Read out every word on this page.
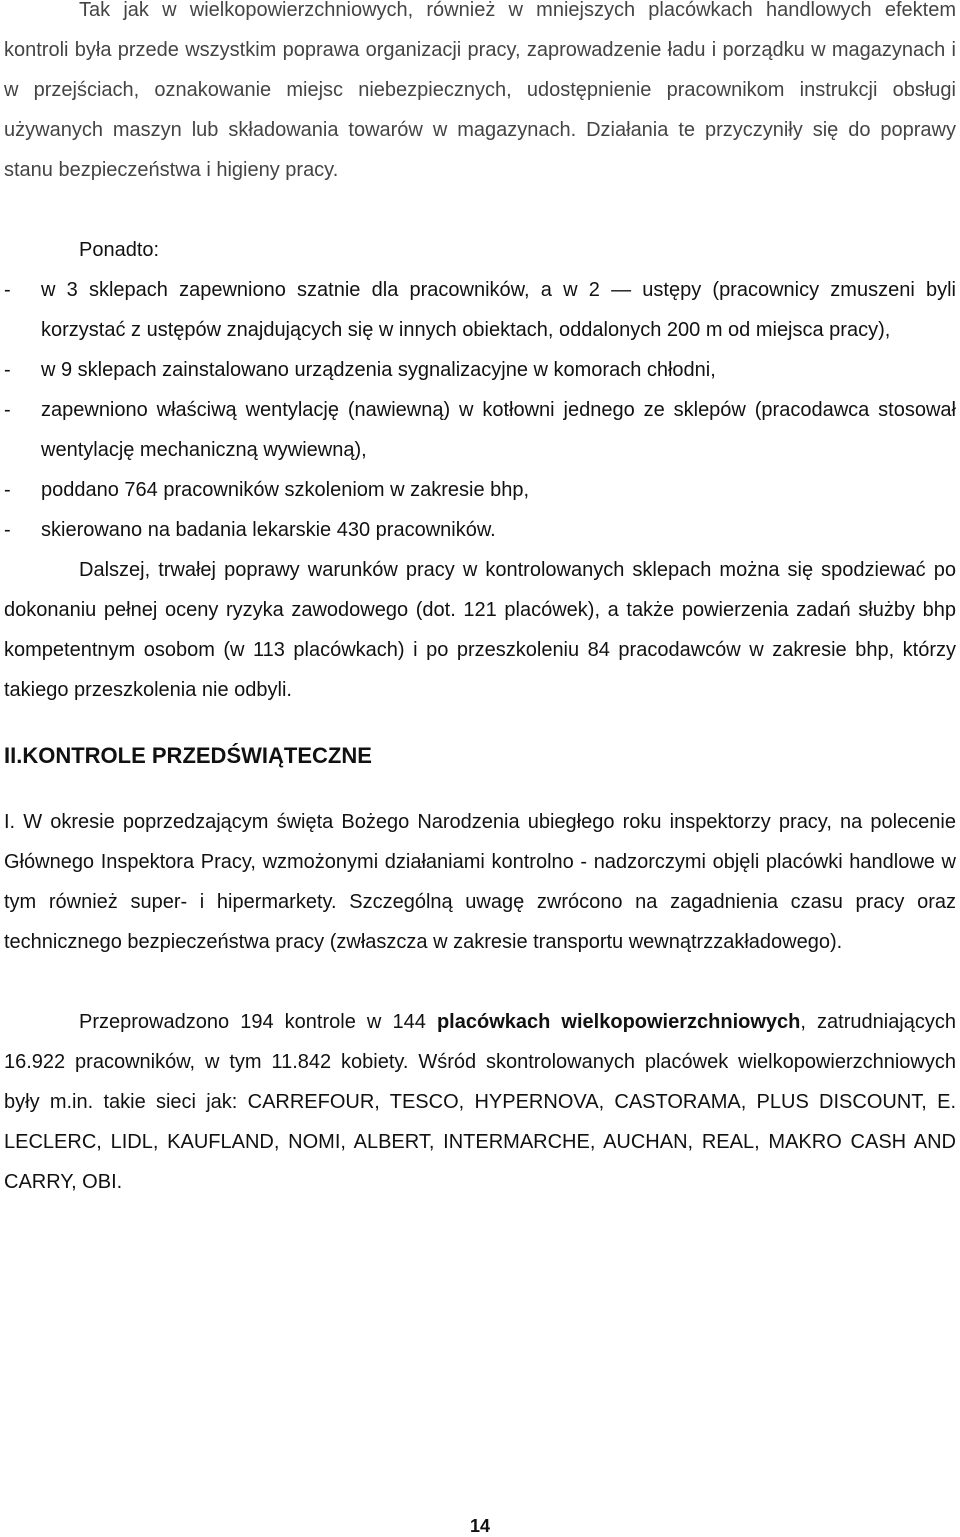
Tak jak w wielkopowierzchniowych, również w mniejszych placówkach handlowych efektem kontroli była przede wszystkim poprawa organizacji pracy, zaprowadzenie ładu i porządku w magazynach i w przejściach, oznakowanie miejsc niebezpiecznych, udostępnienie pracownikom instrukcji obsługi używanych maszyn lub składowania towarów w magazynach. Działania te przyczyniły się do poprawy stanu bezpieczeństwa i higieny pracy.

Ponadto:

- w 3 sklepach zapewniono szatnie dla pracowników, a w 2 ― ustępy (pracownicy zmuszeni byli korzystać z ustępów znajdujących się w innych obiektach, oddalonych 200 m od miejsca pracy),
- w 9 sklepach zainstalowano urządzenia sygnalizacyjne w komorach chłodni,
- zapewniono właściwą wentylację (nawiewną) w kotłowni jednego ze sklepów (pracodawca stosował wentylację mechaniczną wywiewną),
- poddano 764 pracowników szkoleniom w zakresie bhp,
- skierowano na badania lekarskie 430 pracowników.

Dalszej, trwałej poprawy warunków pracy w kontrolowanych sklepach można się spodziewać po dokonaniu pełnej oceny ryzyka zawodowego (dot. 121 placówek), a także powierzenia zadań służby bhp kompetentnym osobom (w 113 placówkach) i po przeszkoleniu 84 pracodawców w zakresie bhp, którzy takiego przeszkolenia nie odbyli.

II.KONTROLE PRZEDŚWIĄTECZNE

I. W okresie poprzedzającym święta Bożego Narodzenia ubiegłego roku inspektorzy pracy, na polecenie Głównego Inspektora Pracy, wzmożonymi działaniami kontrolno - nadzorczymi objęli placówki handlowe w tym również super- i hipermarkety. Szczególną uwagę zwrócono na zagadnienia czasu pracy oraz technicznego bezpieczeństwa pracy (zwłaszcza w zakresie transportu wewnątrzzakładowego).

Przeprowadzono 194 kontrole w 144 placówkach wielkopowierzchniowych, zatrudniających 16.922 pracowników, w tym 11.842 kobiety. Wśród skontrolowanych placówek wielkopowierzchniowych były m.in. takie sieci jak: CARREFOUR, TESCO, HYPERNOVA, CASTORAMA, PLUS DISCOUNT, E. LECLERC, LIDL, KAUFLAND, NOMI, ALBERT, INTERMARCHE, AUCHAN, REAL, MAKRO CASH AND CARRY, OBI.

14
